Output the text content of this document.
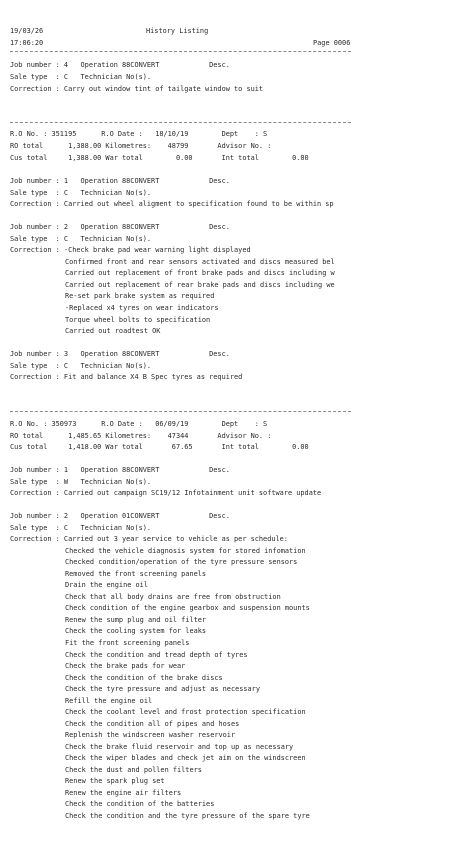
19/03/26	History Listing
17:06:20	Page 0006
Job number : 4   Operation 88CONVERT            Desc.
Sale type  : C   Technician No(s).
Correction : Carry out window tint of tailgate window to suit
R.O No. : 351195      R.O Date :   18/10/19        Dept    : S
RO total      1,388.00 Kilometres:    48799       Advisor No. :
Cus total     1,388.00 War total        0.00       Int total        0.00
Job number : 1   Operation 88CONVERT            Desc.
Sale type  : C   Technician No(s).
Correction : Carried out wheel aligment to specification found to be within sp
Job number : 2   Operation 88CONVERT            Desc.
Sale type  : C   Technician No(s).
Correction : -Check brake pad wear warning light displayed
Confirmed front and rear sensors activated and discs measured bel
Carried out replacement of front brake pads and discs including w
Carried out replacement of rear brake pads and discs including we
Re-set park brake system as required
-Replaced x4 tyres on wear indicators
Torque wheel bolts to specification
Carried out roadtest OK
Job number : 3   Operation 88CONVERT            Desc.
Sale type  : C   Technician No(s).
Correction : Fit and balance X4 B Spec tyres as required
R.O No. : 350973      R.O Date :   06/09/19        Dept    : S
RO total      1,485.65 Kilometres:    47344       Advisor No. :
Cus total     1,418.00 War total       67.65       Int total        0.00
Job number : 1   Operation 88CONVERT            Desc.
Sale type  : W   Technician No(s).
Correction : Carried out campaign SC19/12 Infotainment unit software update
Job number : 2   Operation 01CONVERT            Desc.
Sale type  : C   Technician No(s).
Correction : Carried out 3 year service to vehicle as per schedule:
Checked the vehicle diagnosis system for stored infomation
Checked condition/operation of the tyre pressure sensors
Removed the front screening panels
Drain the engine oil
Check that all body drains are free from obstruction
Check condition of the engine gearbox and suspension mounts
Renew the sump plug and oil filter
Check the cooling system for leaks
Fit the front screening panels
Check the condition and tread depth of tyres
Check the brake pads for wear
Check the condition of the brake discs
Check the tyre pressure and adjust as necessary
Refill the engine oil
Check the coolant level and frost protection specification
Check the condition all of pipes and hoses
Replenish the windscreen washer reservoir
Check the brake fluid reservoir and top up as necessary
Check the wiper blades and check jet aim on the windscreen
Check the dust and pollen filters
Renew the spark plug set
Renew the engine air filters
Check the condition of the batteries
Check the condition and the tyre pressure of the spare tyre
